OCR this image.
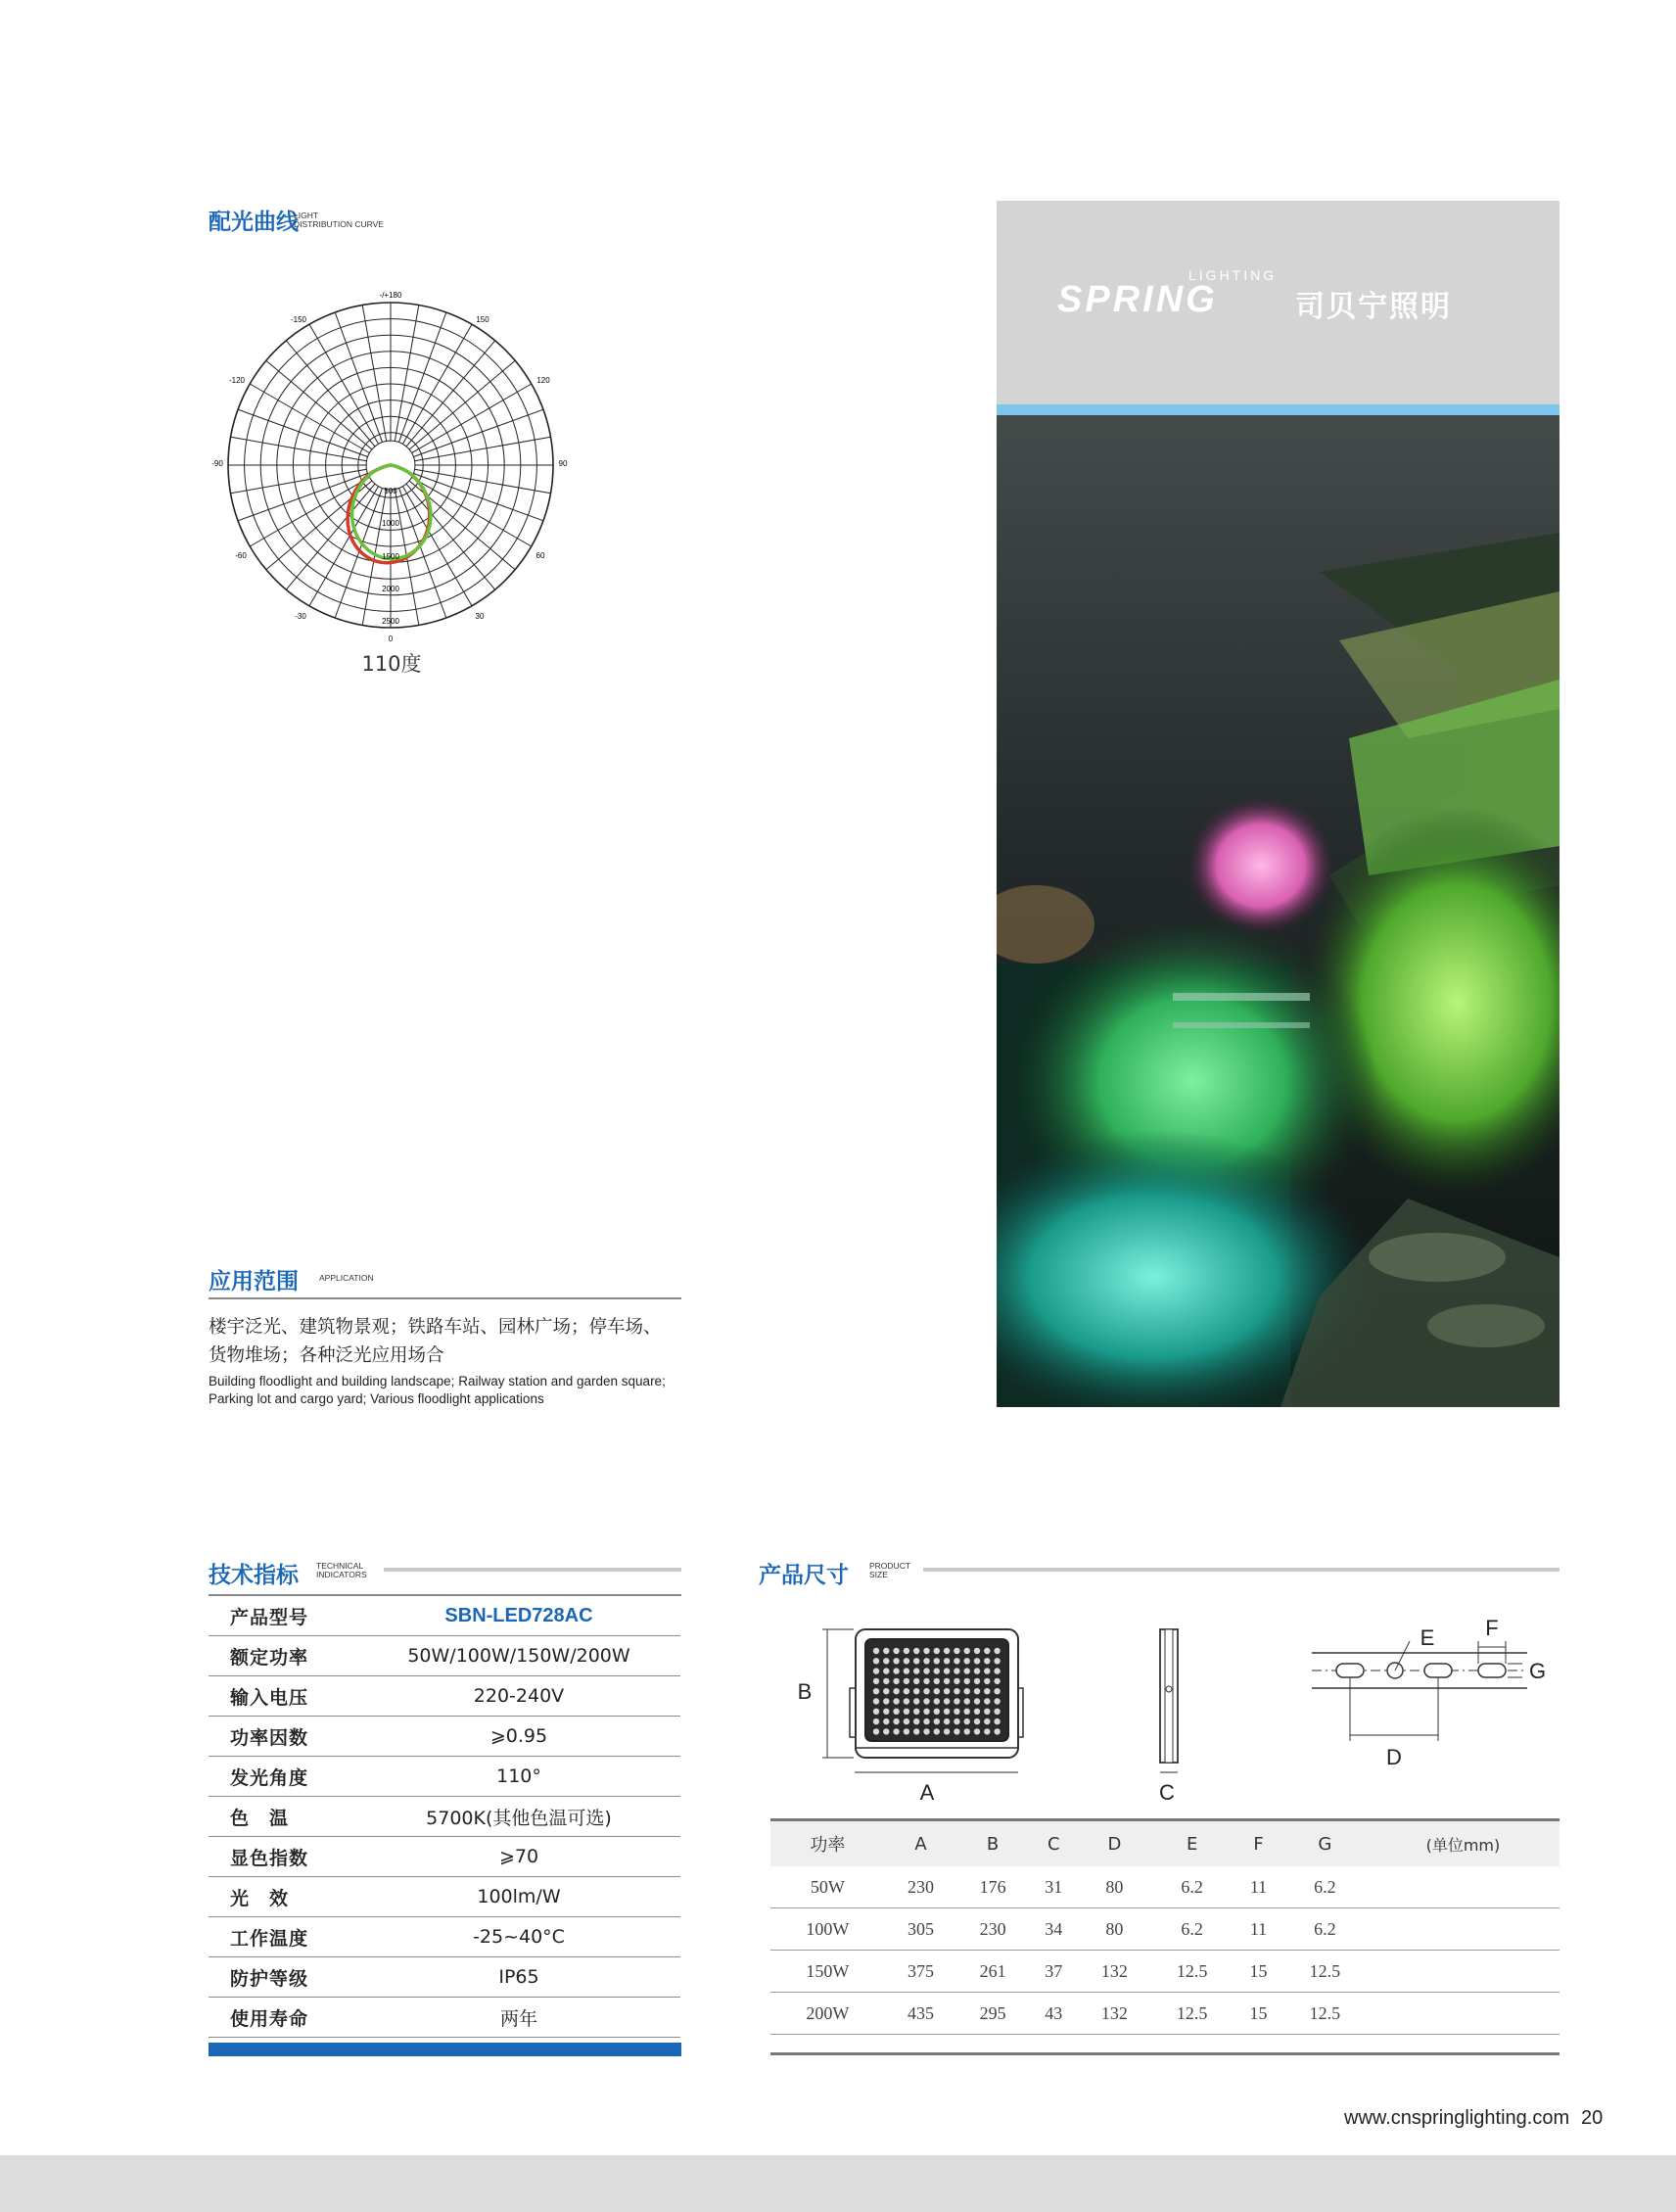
配光曲线
LIGHT
DISTRIBUTION CURVE
-/+180
-150	150
-120	120
-90	90
-60	60
-30	30
0
500
1000
1500
2000
2500
110度
应用范围 APPLICATION
楼宇泛光、建筑物景观；铁路车站、园林广场；停车场、
货物堆场；各种泛光应用场合
Building floodlight and building landscape; Railway station and garden square;
Parking lot and cargo yard; Various floodlight applications
LIGHTING
SPRING	司贝宁照明
技术指标 TECHNICAL
INDICATORS
产品型号	SBN-LED728AC
额定功率	50W/100W/150W/200W
输入电压	220-240V
功率因数	⩾0.95
发光角度	110°
色　温	5700K(其他色温可选)
显色指数	⩾70
光　效	100lm/W
工作温度	-25~40°C
防护等级	IP65
使用寿命	两年
产品尺寸 PRODUCT
SIZE
B
A	C
D
E F
G
功率	A	B	C	D	E	F	G	(单位mm)
50W	230	176	31	80	6.2	11	6.2	
100W	305	230	34	80	6.2	11	6.2	
150W	375	261	37	132	12.5	15	12.5	
200W	435	295	43	132	12.5	15	12.5	
www.cnspringlighting.com 20
